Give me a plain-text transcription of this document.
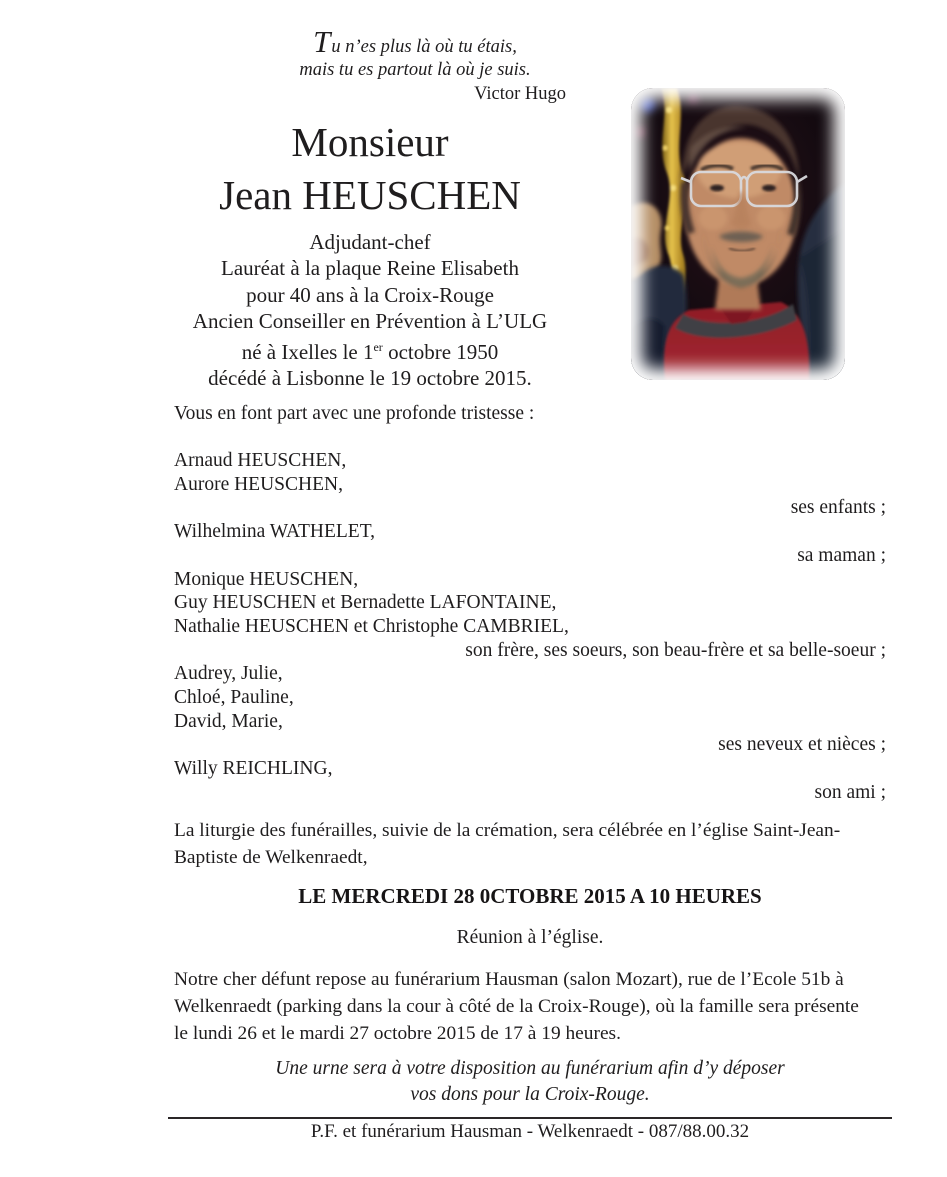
Tu n’es plus là où tu étais,
mais tu es partout là où je suis.
Victor Hugo
Monsieur
Jean HEUSCHEN
Adjudant-chef
Lauréat à la plaque Reine Elisabeth
pour 40 ans à la Croix-Rouge
Ancien Conseiller en Prévention à L’ULG
né à Ixelles le 1er octobre 1950
décédé à Lisbonne le 19 octobre 2015.
Vous en font part avec une profonde tristesse :
Arnaud HEUSCHEN,
Aurore HEUSCHEN,
ses enfants ;
Wilhelmina WATHELET,
sa maman ;
Monique HEUSCHEN,
Guy HEUSCHEN et Bernadette LAFONTAINE,
Nathalie HEUSCHEN et Christophe CAMBRIEL,
son frère, ses soeurs, son beau-frère et sa belle-soeur ;
Audrey, Julie,
Chloé, Pauline,
David, Marie,
ses neveux et nièces ;
Willy REICHLING,
son ami ;
La liturgie des funérailles, suivie de la crémation, sera célébrée en l’église Saint-Jean-
Baptiste de Welkenraedt,
LE MERCREDI 28 0CTOBRE 2015 A 10 HEURES
Réunion à l’église.
Notre cher défunt repose au funérarium Hausman (salon Mozart), rue de l’Ecole 51b à
Welkenraedt (parking dans la cour à côté de la Croix-Rouge), où la famille sera présente
le lundi 26 et le mardi 27 octobre 2015 de 17 à 19 heures.
Une urne sera à votre disposition au funérarium afin d’y déposer
vos dons pour la Croix-Rouge.
P.F. et funérarium Hausman - Welkenraedt - 087/88.00.32
